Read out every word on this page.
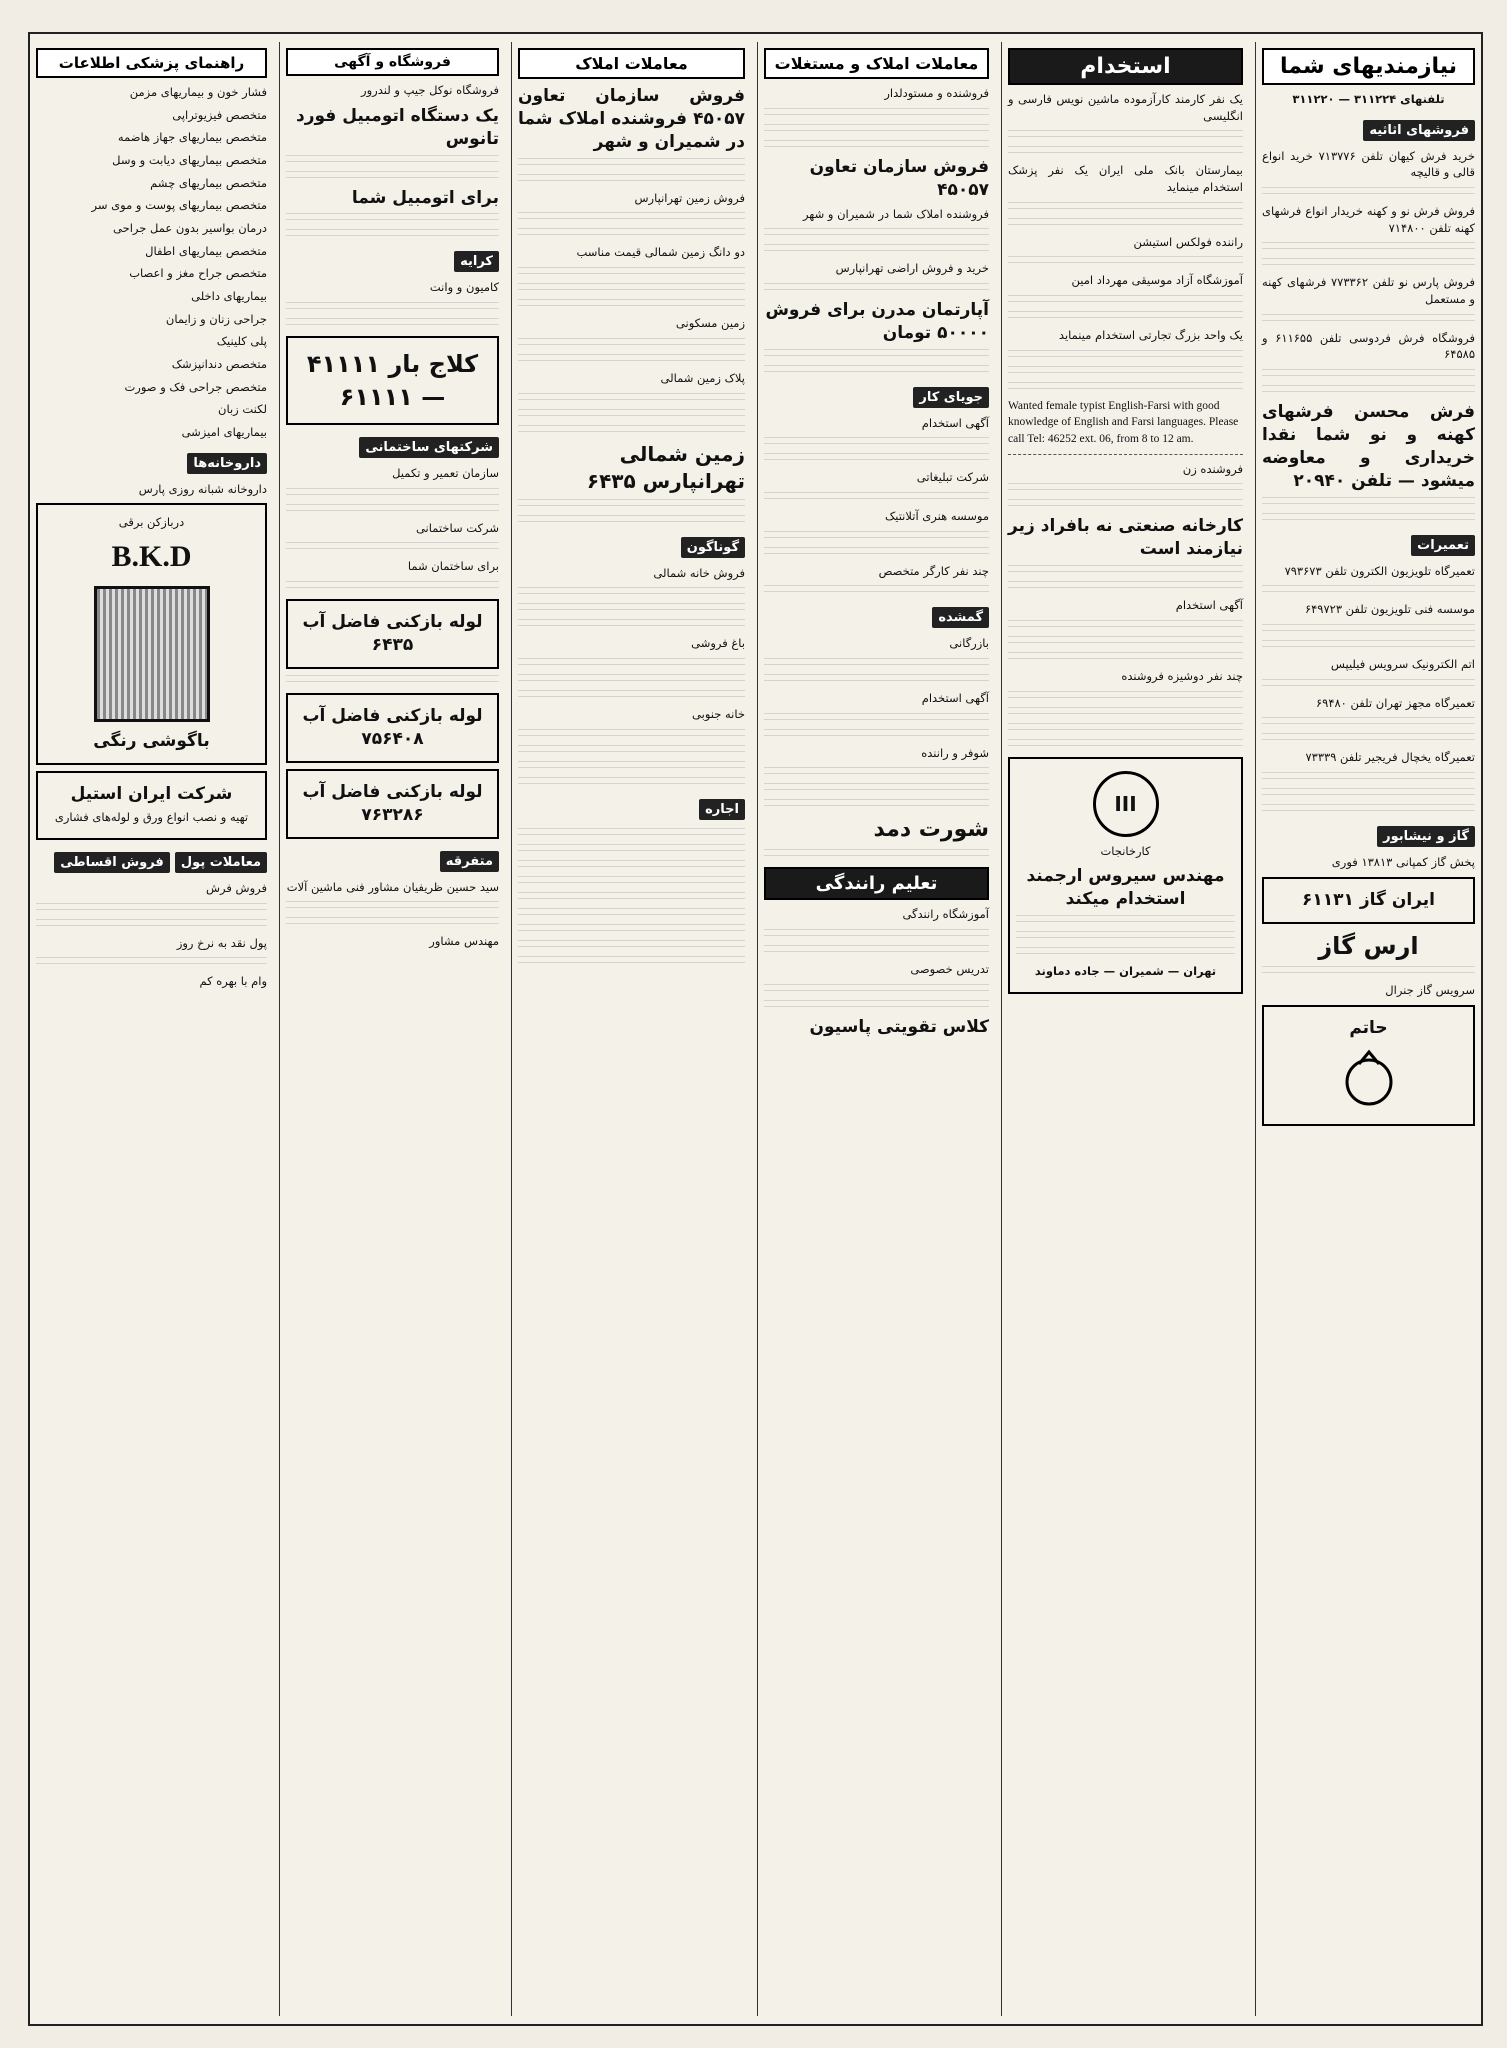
نیازمندیهای شما
تلفنهای ۳۱۱۲۲۴ — ۳۱۱۲۲۰
فروشهای اثاثیه
خرید فرش کیهان تلفن ۷۱۳۷۷۶ خرید انواع قالی و قالیچه
فروش فرش نو و کهنه خریدار انواع فرشهای کهنه تلفن ۷۱۴۸۰۰
فروش پارس نو تلفن ۷۷۳۳۶۲ فرشهای کهنه و مستعمل
فروشگاه فرش فردوسی تلفن ۶۱۱۶۵۵ و ۶۴۵۸۵
فرش محسن فرشهای کهنه و نو شما نقدا خریداری و معاوضه میشود — تلفن ۲۰۹۴۰
تعمیرات
تعمیرگاه تلویزیون الکترون تلفن ۷۹۳۶۷۳
موسسه فنی تلویزیون تلفن ۶۴۹۷۲۳
اتم الکترونیک سرویس فیلیپس
تعمیرگاه مجهز تهران تلفن ۶۹۴۸۰
تعمیرگاه یخچال فریجیر تلفن ۷۳۳۳۹
گاز و نیشابور
پخش گاز کمپانی ۱۳۸۱۳ فوری
ایران گاز ۶۱۱۳۱
ارس گاز
سرویس گاز جنرال
حاتم
استخدام
یک نفر کارمند کارآزموده ماشین نویس فارسی و انگلیسی
بیمارستان بانک ملی ایران یک نفر پزشک استخدام مینماید
راننده فولکس استیشن
آموزشگاه آزاد موسیقی مهرداد امین
یک واحد بزرگ تجارتی استخدام مینماید
Wanted female typist English-Farsi with good knowledge of English and Farsi languages. Please call Tel: 46252 ext. 06, from 8 to 12 am.
فروشنده زن
کارخانه صنعتی نه بافراد زیر نیازمند است
آگهی استخدام
چند نفر دوشیزه فروشنده
III
کارخانجات
مهندس سیروس ارجمند استخدام میکند
تهران — شمیران — جاده دماوند
معاملات املاک و مستغلات
فروشنده و مستودلدار
فروش سازمان تعاون ۴۵۰۵۷
فروشنده املاک شما در شمیران و شهر
خرید و فروش اراضی تهرانپارس
آپارتمان مدرن برای فروش ۵۰۰۰۰ تومان
جویای کار
آگهی استخدام
شرکت تبلیغاتی
موسسه هنری آتلانتیک
چند نفر کارگر متخصص
گمشده
بازرگانی
آگهی استخدام
شوفر و راننده
شورت دمد
تعلیم رانندگی
آموزشگاه رانندگی
تدریس خصوصی
کلاس تقویتی پاسیون
معاملات املاک
فروش سازمان تعاون ۴۵۰۵۷ فروشنده املاک شما در شمیران و شهر
فروش زمین تهرانپارس
دو دانگ زمین شمالی قیمت مناسب
زمین مسکونی
پلاک زمین شمالی
زمین شمالی تهرانپارس ۶۴۳۵
گوناگون
فروش خانه شمالی
باغ فروشی
خانه جنوبی
اجاره
فروشگاه و آگهی
فروشگاه نوکل جیپ و لندرور
یک دستگاه اتومبیل فورد تانوس
برای اتومبیل شما
کرایه
کامیون و وانت
کلاج بار ۴۱۱۱۱ — ۶۱۱۱۱
شرکتهای ساختمانی
سازمان تعمیر و تکمیل
شرکت ساختمانی
برای ساختمان شما
لوله بازکنی فاضل آب ۶۴۳۵
لوله بازکنی فاضل آب ۷۵۶۴۰۸
لوله بازکنی فاضل آب ۷۶۳۲۸۶
متفرقه
سید حسین ظریفیان مشاور فنی ماشین آلات
مهندس مشاور
راهنمای پزشکی اطلاعات
فشار خون و بیماریهای مزمن
متخصص فیزیوتراپی
متخصص بیماریهای جهاز هاضمه
متخصص بیماریهای دیابت و وسل
متخصص بیماریهای چشم
متخصص بیماریهای پوست و موی سر
درمان بواسیر بدون عمل جراحی
متخصص بیماریهای اطفال
متخصص جراح مغز و اعصاب
بیماریهای داخلی
جراحی زنان و زایمان
پلی کلینیک
متخصص دندانپزشک
متخصص جراحی فک و صورت
لکنت زبان
بیماریهای امیزشی
داروخانه‌ها
داروخانه شبانه روزی پارس
دربازکن برقی
B.K.D
باگوشی رنگی
شرکت ایران استیل
تهیه و نصب انواع ورق و لوله‌های فشاری
معاملات پول فروش اقساطی
فروش فرش
پول نقد به نرخ روز
وام با بهره کم
